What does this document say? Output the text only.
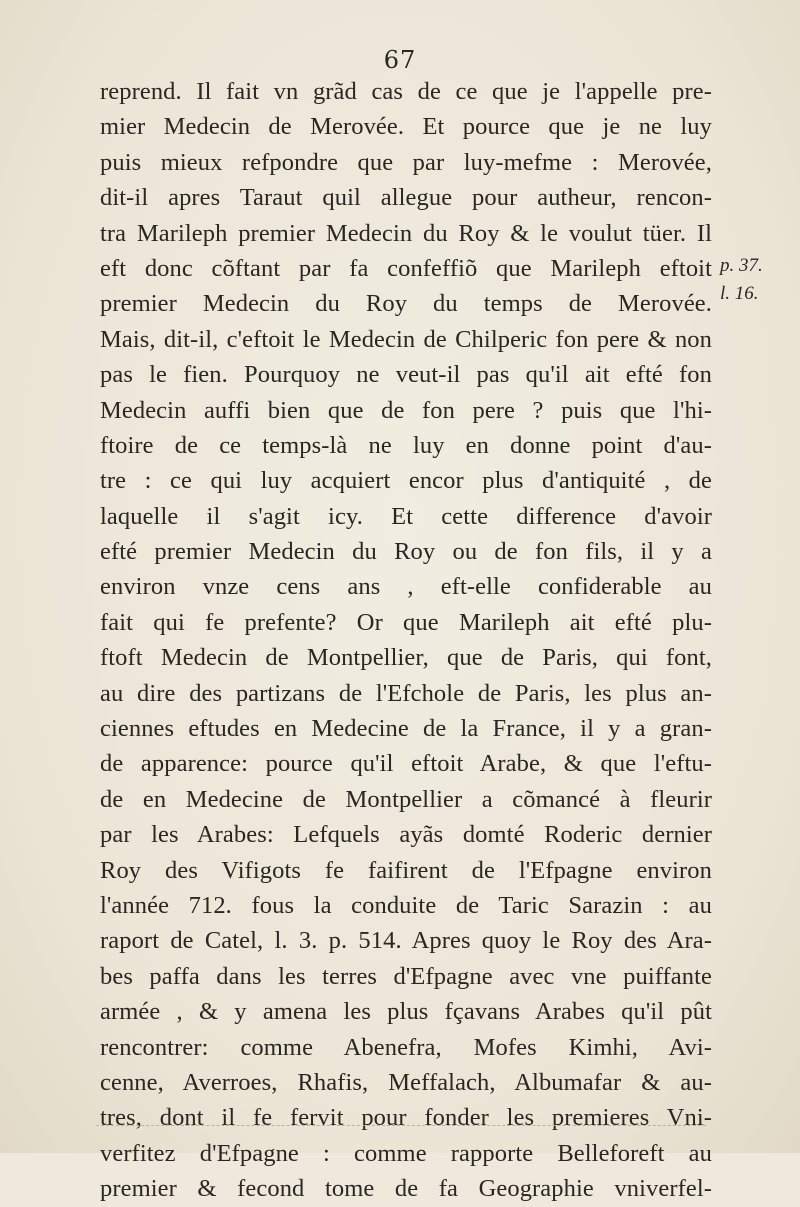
67
reprend. Il fait vn grãd cas de ce que je l'appelle pre-
mier Medecin de Merovée. Et pource que je ne luy
puis mieux refpondre que par luy-mefme : Merovée,
dit-il apres Taraut quil allegue pour autheur, rencon-
tra Marileph premier Medecin du Roy & le voulut tüer. Il
eft donc cõftant par fa confeffiõ que Marileph eftoit
premier Medecin du Roy du temps de Merovée.
Mais, dit-il, c'eftoit le Medecin de Chilperic fon pere & non
pas le fien. Pourquoy ne veut-il pas qu'il ait efté fon
Medecin auffi bien que de fon pere ? puis que l'hi-
ftoire de ce temps-là ne luy en donne point d'au-
tre : ce qui luy acquiert encor plus d'antiquité , de
laquelle il s'agit icy. Et cette difference d'avoir
efté premier Medecin du Roy ou de fon fils, il y a
environ vnze cens ans , eft-elle confiderable au
fait qui fe prefente? Or que Marileph ait efté plu-
ftoft Medecin de Montpellier, que de Paris, qui font,
au dire des partizans de l'Efchole de Paris, les plus an-
ciennes eftudes en Medecine de la France, il y a gran-
de apparence: pource qu'il eftoit Arabe, & que l'eftu-
de en Medecine de Montpellier a cõmancé à fleurir
par les Arabes: Lefquels ayãs domté Roderic dernier
Roy des Vifigots fe faifirent de l'Efpagne environ
l'année 712. fous la conduite de Taric Sarazin : au
raport de Catel, l. 3. p. 514. Apres quoy le Roy des Ara-
bes paffa dans les terres d'Efpagne avec vne puiffante
armée , & y amena les plus fçavans Arabes qu'il pût
rencontrer: comme Abenefra, Mofes Kimhi, Avi-
cenne, Averroes, Rhafis, Meffalach, Albumafar & au-
tres, dont il fe fervit pour fonder les premieres Vni-
verfitez d'Efpagne : comme rapporte Belleforeft au
premier & fecond tome de fa Geographie vniverfel-
p. 37.
l. 16.
